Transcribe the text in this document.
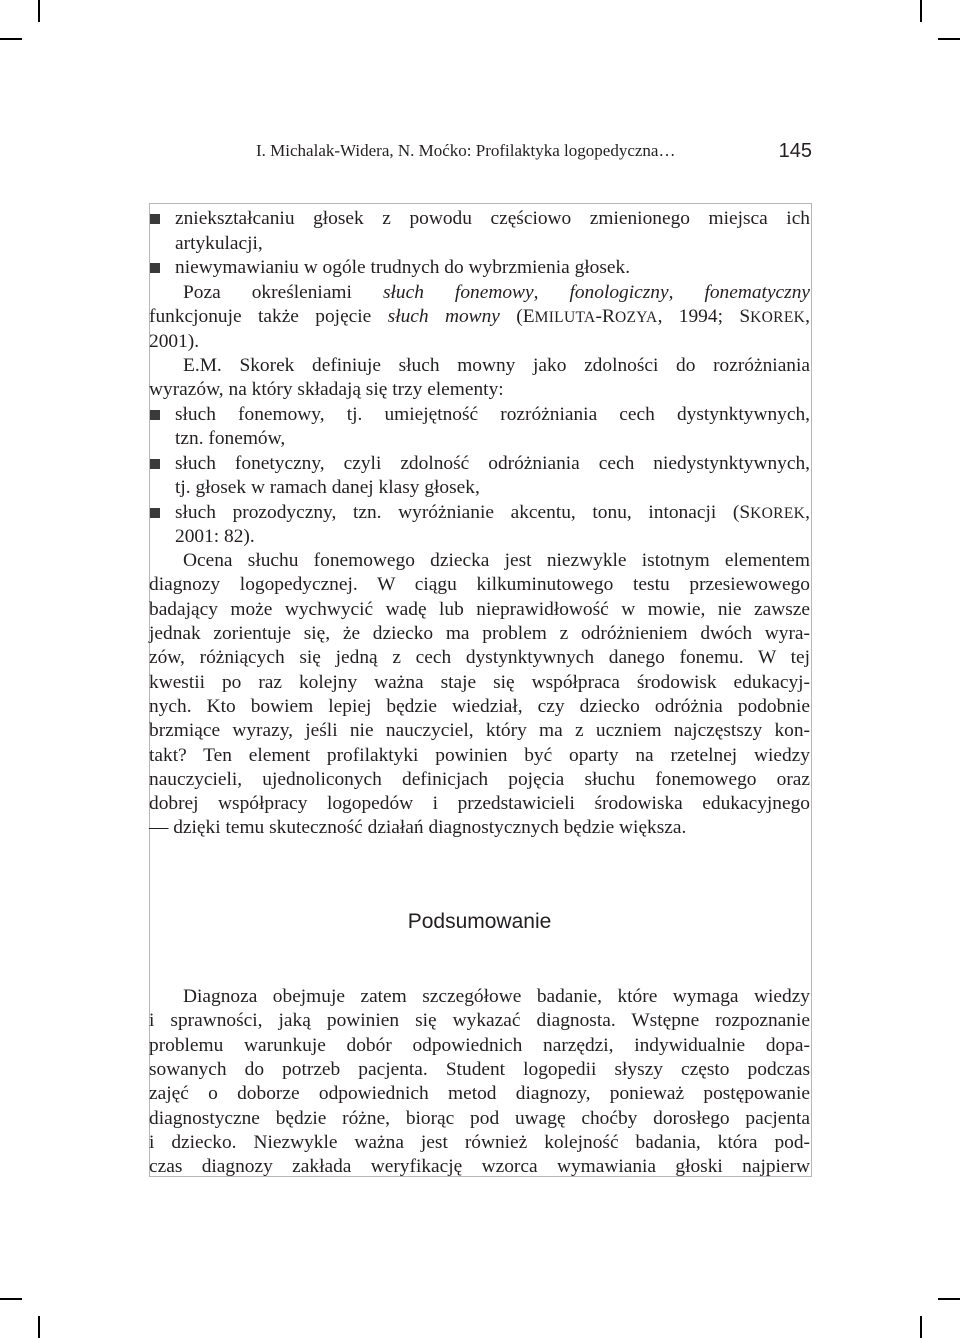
I. Michalak-Widera, N. Moćko: Profilaktyka logopedyczna…	145
zniekształcaniu głosek z powodu częściowo zmienionego miejsca ich
artykulacji,
niewymawianiu w ogóle trudnych do wybrzmienia głosek.
Poza określeniami słuch fonemowy, fonologiczny, fonematyczny
funkcjonuje także pojęcie słuch mowny (EMILUTA-ROZYA, 1994; SKOREK,
2001).
E.M. Skorek definiuje słuch mowny jako zdolności do rozróżniania
wyrazów, na który składają się trzy elementy:
słuch fonemowy, tj. umiejętność rozróżniania cech dystynktywnych,
tzn. fonemów,
słuch fonetyczny, czyli zdolność odróżniania cech niedystynktywnych,
tj. głosek w ramach danej klasy głosek,
słuch prozodyczny, tzn. wyróżnianie akcentu, tonu, intonacji (SKOREK,
2001: 82).
Ocena słuchu fonemowego dziecka jest niezwykle istotnym elementem
diagnozy logopedycznej. W ciągu kilkuminutowego testu przesiewowego
badający może wychwycić wadę lub nieprawidłowość w mowie, nie zawsze
jednak zorientuje się, że dziecko ma problem z odróżnieniem dwóch wyra-
zów, różniących się jedną z cech dystynktywnych danego fonemu. W tej
kwestii po raz kolejny ważna staje się współpraca środowisk edukacyj-
nych. Kto bowiem lepiej będzie wiedział, czy dziecko odróżnia podobnie
brzmiące wyrazy, jeśli nie nauczyciel, który ma z uczniem najczęstszy kon-
takt? Ten element profilaktyki powinien być oparty na rzetelnej wiedzy
nauczycieli, ujednoliconych definicjach pojęcia słuchu fonemowego oraz
dobrej współpracy logopedów i przedstawicieli środowiska edukacyjnego
— dzięki temu skuteczność działań diagnostycznych będzie większa.
Podsumowanie
Diagnoza obejmuje zatem szczegółowe badanie, które wymaga wiedzy
i sprawności, jaką powinien się wykazać diagnosta. Wstępne rozpoznanie
problemu warunkuje dobór odpowiednich narzędzi, indywidualnie dopa-
sowanych do potrzeb pacjenta. Student logopedii słyszy często podczas
zajęć o doborze odpowiednich metod diagnozy, ponieważ postępowanie
diagnostyczne będzie różne, biorąc pod uwagę choćby dorosłego pacjenta
i dziecko. Niezwykle ważna jest również kolejność badania, która pod-
czas diagnozy zakłada weryfikację wzorca wymawiania głoski najpierw
